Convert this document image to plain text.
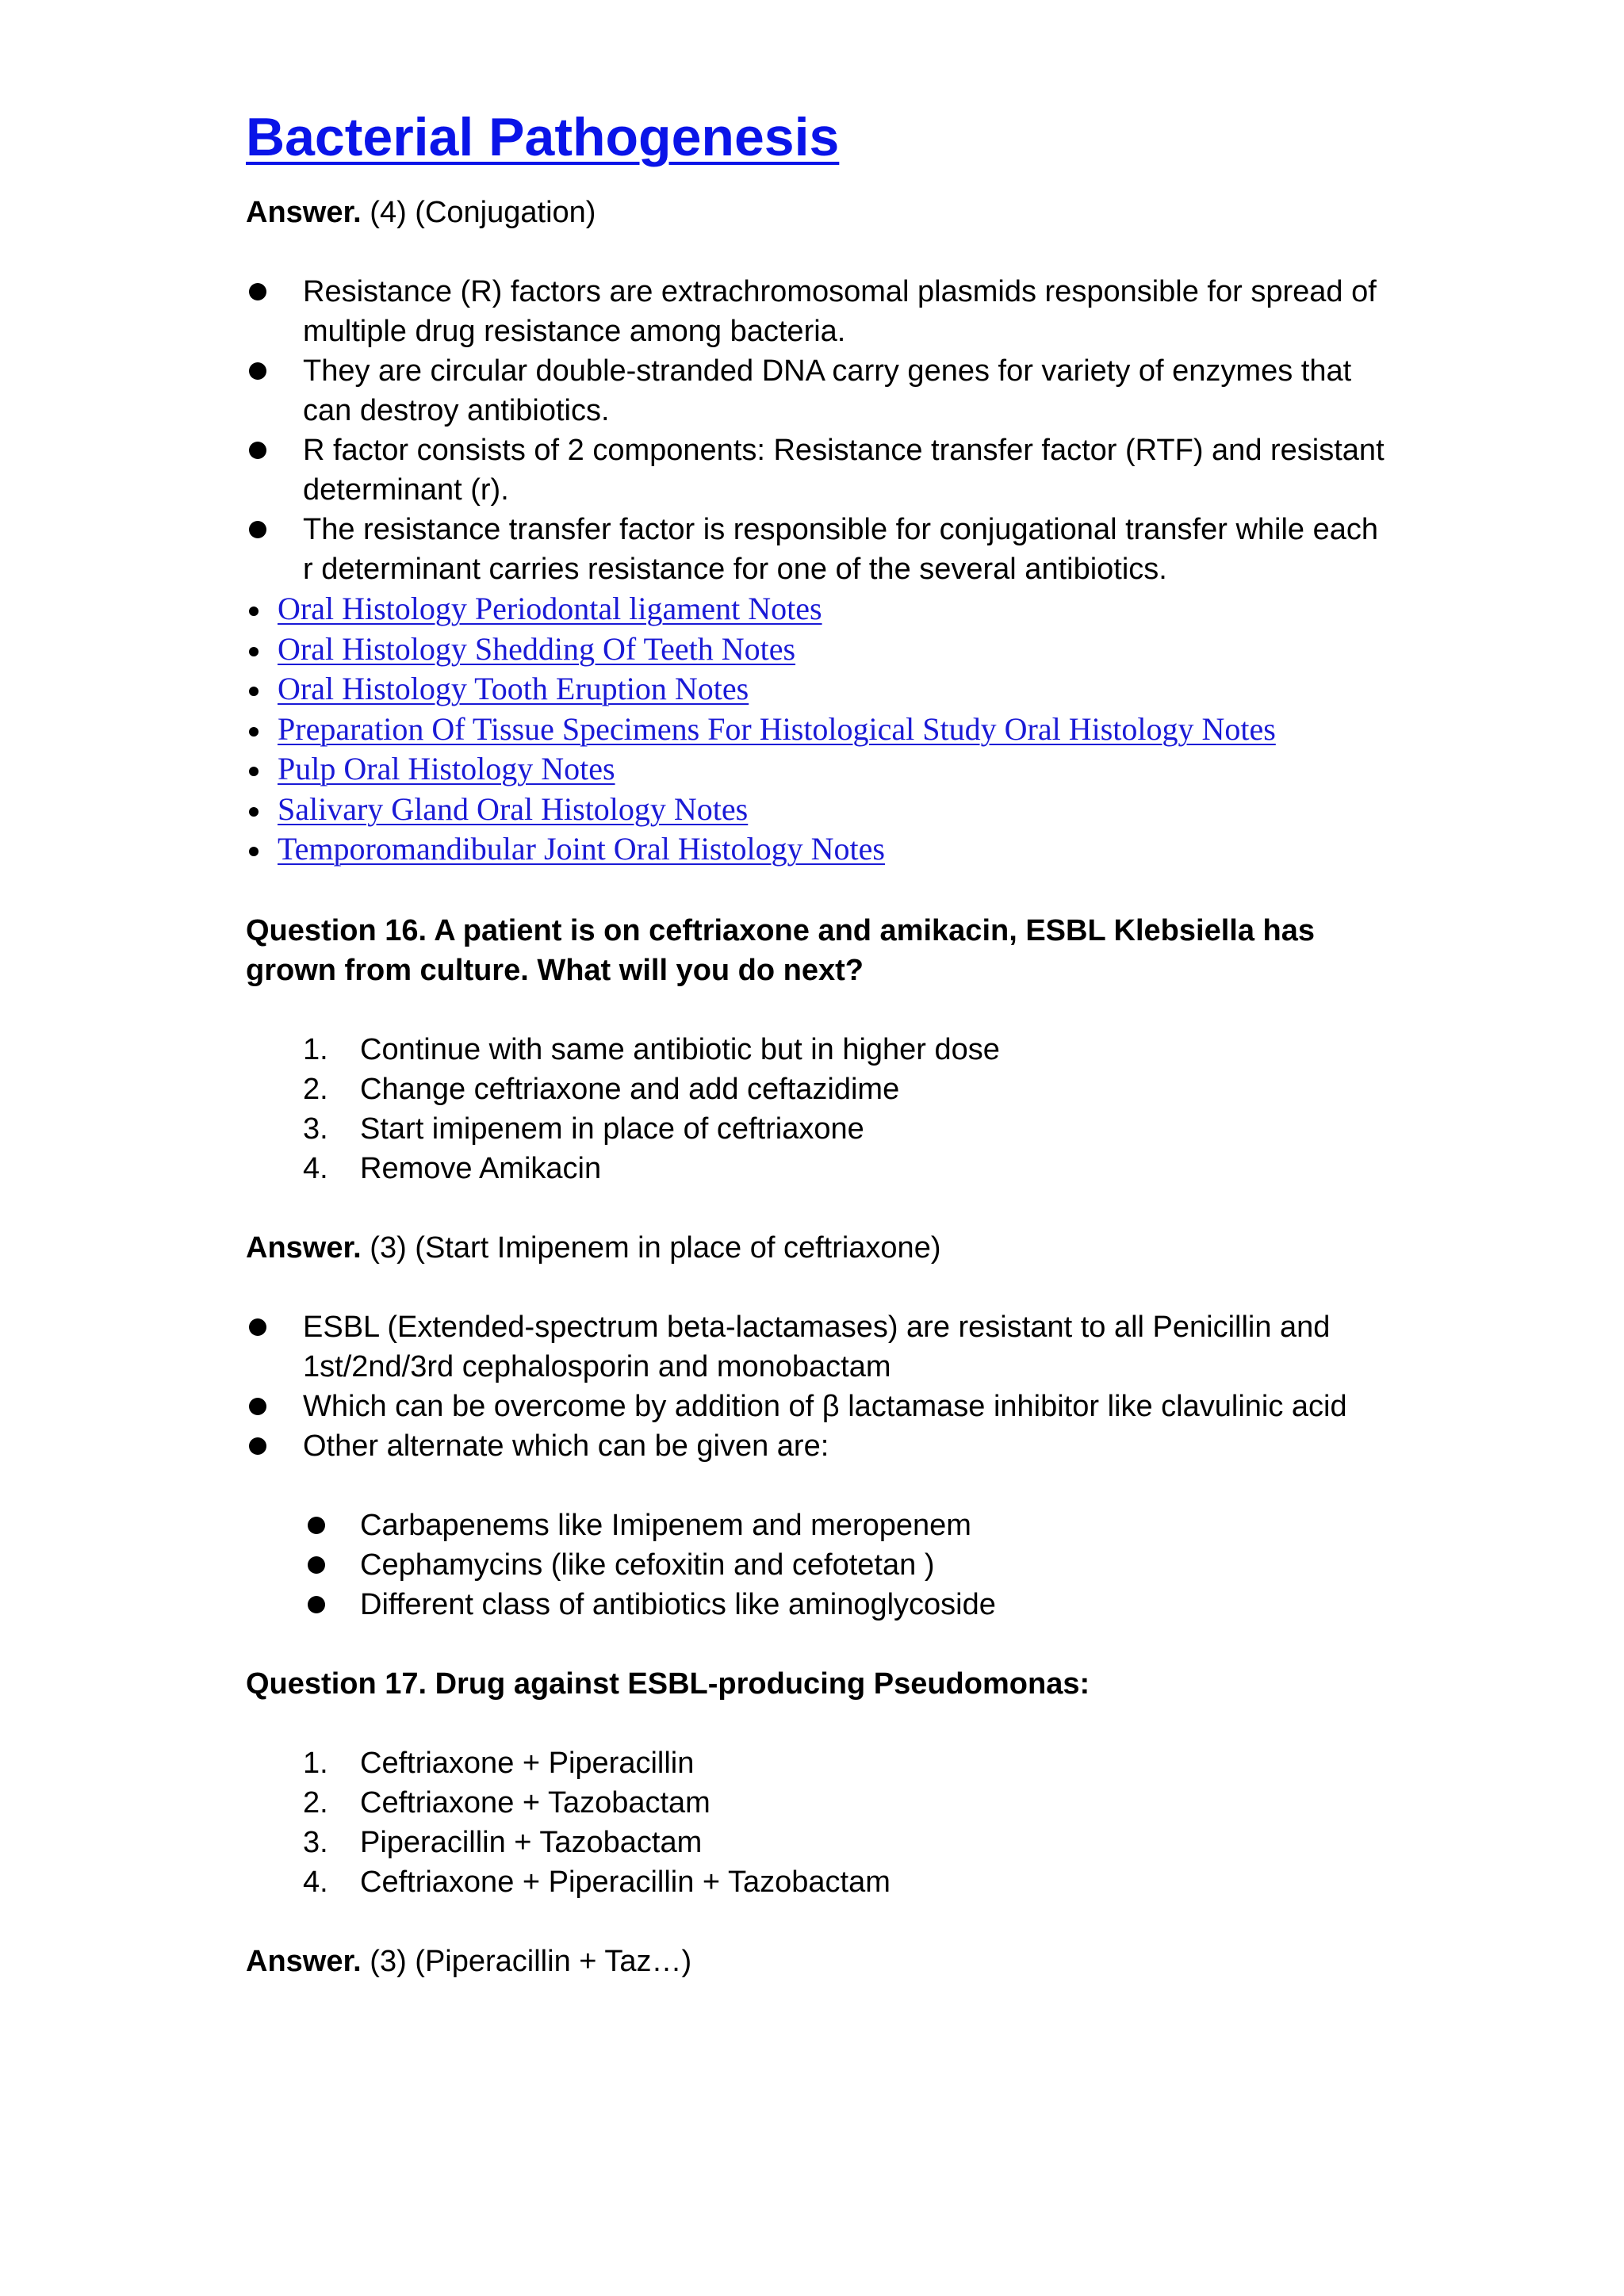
Bacterial Pathogenesis

Answer. (4) (Conjugation)

Resistance (R) factors are extrachromosomal plasmids responsible for spread of multiple drug resistance among bacteria.
They are circular double-stranded DNA carry genes for variety of enzymes that can destroy antibiotics.
R factor consists of 2 components: Resistance transfer factor (RTF) and resistant determinant (r).
The resistance transfer factor is responsible for conjugational transfer while each r determinant carries resistance for one of the several antibiotics.
Oral Histology Periodontal ligament Notes
Oral Histology Shedding Of Teeth Notes
Oral Histology Tooth Eruption Notes
Preparation Of Tissue Specimens For Histological Study Oral Histology Notes
Pulp Oral Histology Notes
Salivary Gland Oral Histology Notes
Temporomandibular Joint Oral Histology Notes

Question 16. A patient is on ceftriaxone and amikacin, ESBL Klebsiella has grown from culture. What will you do next?

1. Continue with same antibiotic but in higher dose
2. Change ceftriaxone and add ceftazidime
3. Start imipenem in place of ceftriaxone
4. Remove Amikacin

Answer. (3) (Start Imipenem in place of ceftriaxone)

ESBL (Extended-spectrum beta-lactamases) are resistant to all Penicillin and 1st/2nd/3rd cephalosporin and monobactam
Which can be overcome by addition of β lactamase inhibitor like clavulinic acid
Other alternate which can be given are:
Carbapenems like Imipenem and meropenem
Cephamycins (like cefoxitin and cefotetan )
Different class of antibiotics like aminoglycoside

Question 17. Drug against ESBL-producing Pseudomonas:

1. Ceftriaxone + Piperacillin
2. Ceftriaxone + Tazobactam
3. Piperacillin + Tazobactam
4. Ceftriaxone + Piperacillin + Tazobactam

Answer. (3) (Piperacillin + Taz…)
